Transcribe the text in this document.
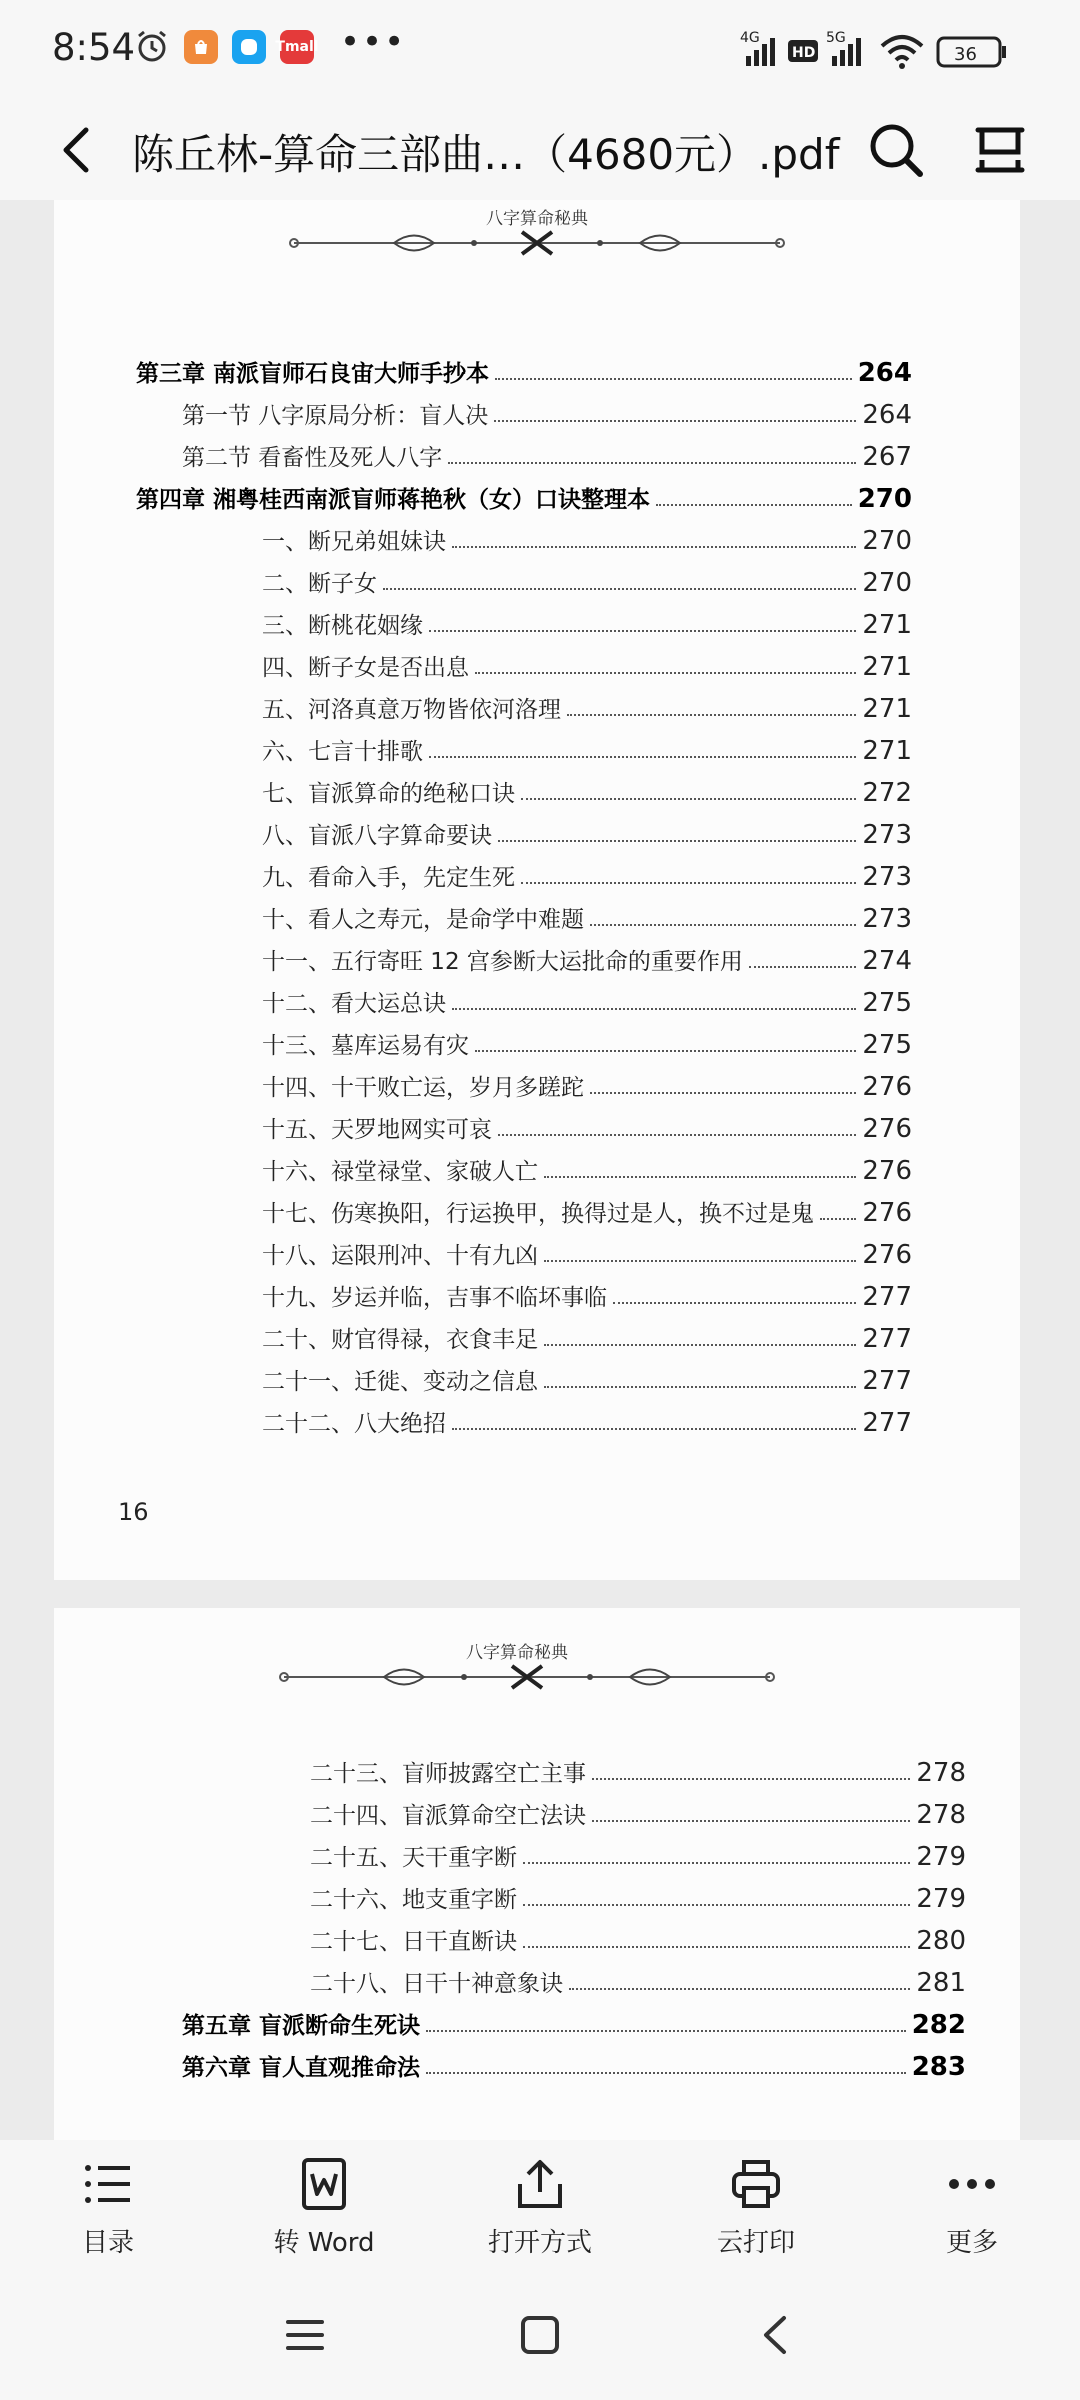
8:54	Tmall •••	4G
HD
5G
36
陈丘林-算命三部曲…（4680元）.pdf
八字算命秘典
第三章 南派盲师石良宙大师手抄本	264
第一节 八字原局分析：盲人决	264
第二节 看畜性及死人八字	267
第四章 湘粤桂西南派盲师蒋艳秋（女）口诀整理本	270
一、断兄弟姐妹诀	270
二、断子女	270
三、断桃花姻缘	271
四、断子女是否出息	271
五、河洛真意万物皆依河洛理	271
六、七言十排歌	271
七、盲派算命的绝秘口诀	272
八、盲派八字算命要诀	273
九、看命入手，先定生死	273
十、看人之寿元，是命学中难题	273
十一、五行寄旺 12 宫参断大运批命的重要作用	274
十二、看大运总诀	275
十三、墓库运易有灾	275
十四、十干败亡运，岁月多蹉跎	276
十五、天罗地网实可哀	276
十六、禄堂禄堂、家破人亡	276
十七、伤寒换阳，行运换甲，换得过是人，换不过是鬼 276
十八、运限刑冲、十有九凶	276
十九、岁运并临，吉事不临坏事临	277
二十、财官得禄，衣食丰足	277
二十一、迁徙、变动之信息	277
二十二、八大绝招	277
16
八字算命秘典
二十三、盲师披露空亡主事	278
二十四、盲派算命空亡法诀	278
二十五、天干重字断	279
二十六、地支重字断	279
二十七、日干直断诀	280
二十八、日干十神意象诀	281
第五章 盲派断命生死诀	282
第六章 盲人直观推命法	283
目录	转 Word	打开方式	云打印	更多
